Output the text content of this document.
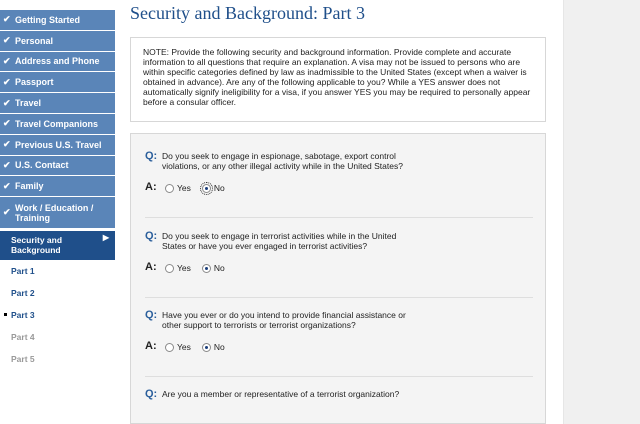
✔ Getting Started
✔ Personal
✔ Address and Phone
✔ Passport
✔ Travel
✔ Travel Companions
✔ Previous U.S. Travel
✔ U.S. Contact
✔ Family
✔ Work / Education / Training
Security and Background
▶
Part 1
Part 2
Part 3
Part 4
Part 5
Security and Background: Part 3

NOTE: Provide the following security and background information. Provide complete and accurate information to all questions that require an explanation. A visa may not be issued to persons who are within specific categories defined by law as inadmissible to the United States (except when a waiver is obtained in advance). Are any of the following applicable to you? While a YES answer does not automatically signify ineligibility for a visa, if you answer YES you may be required to personally appear before a consular officer.

Q: Do you seek to engage in espionage, sabotage, export control violations, or any other illegal activity while in the United States?
A: Yes	No
Q: Do you seek to engage in terrorist activities while in the United States or have you ever engaged in terrorist activities?
A: Yes	No
Q: Have you ever or do you intend to provide financial assistance or other support to terrorists or terrorist organizations?
A: Yes	No
Q: Are you a member or representative of a terrorist organization?
